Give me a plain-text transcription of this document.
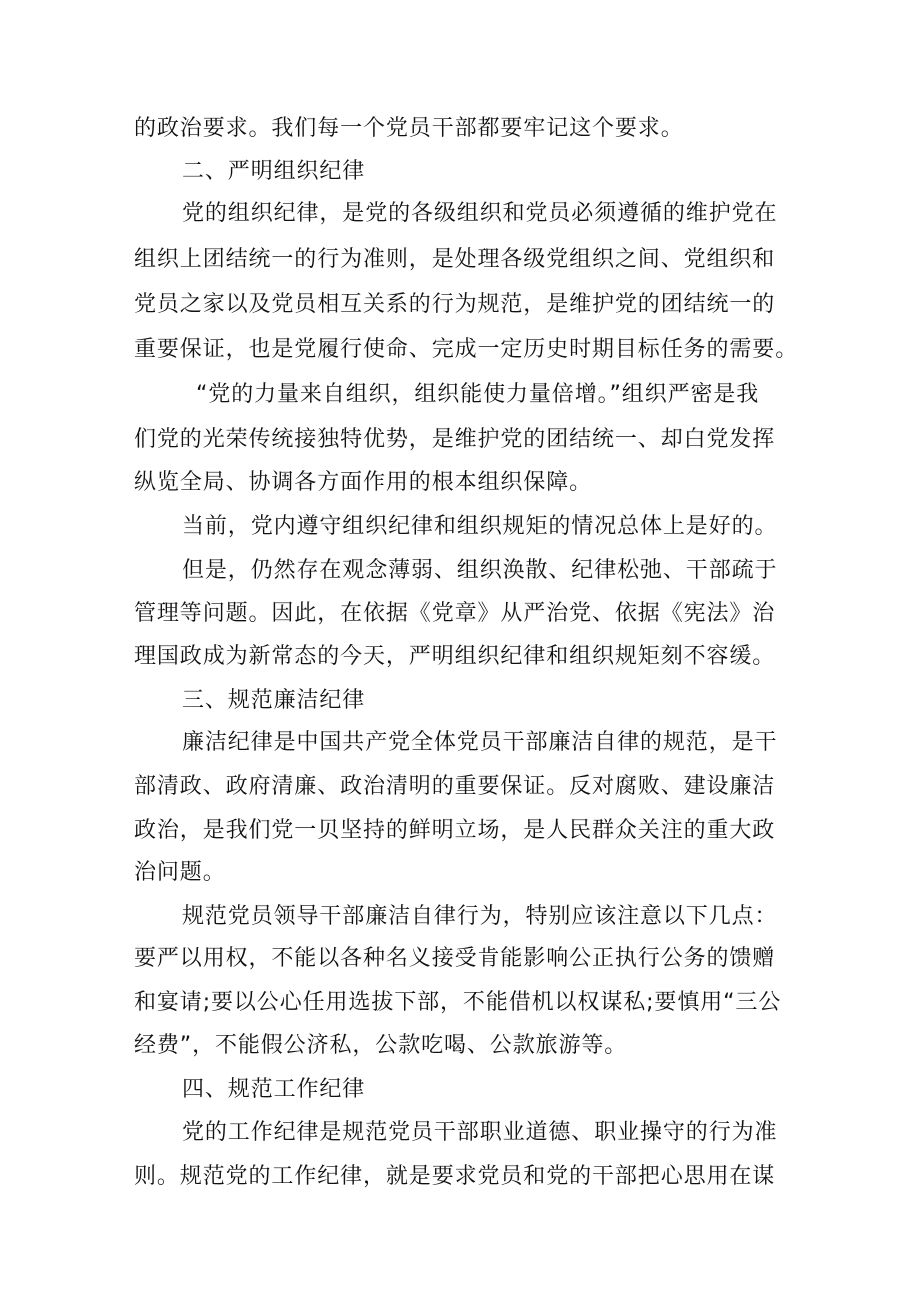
的政治要求。我们每一个党员干部都要牢记这个要求。
二、严明组织纪律
党的组织纪律，是党的各级组织和党员必须遵循的维护党在
组织上团结统一的行为准则，是处理各级党组织之间、党组织和
党员之家以及党员相互关系的行为规范，是维护党的团结统一的
重要保证，也是党履行使命、完成一定历史时期目标任务的需要。
“党的力量来自组织，组织能使力量倍增。”组织严密是我
们党的光荣传统接独特优势，是维护党的团结统一、却白党发挥
纵览全局、协调各方面作用的根本组织保障。
当前，党内遵守组织纪律和组织规矩的情况总体上是好的。
但是，仍然存在观念薄弱、组织涣散、纪律松弛、干部疏于
管理等问题。因此，在依据《党章》从严治党、依据《宪法》治
理国政成为新常态的今天，严明组织纪律和组织规矩刻不容缓。
三、规范廉洁纪律
廉洁纪律是中国共产党全体党员干部廉洁自律的规范，是干
部清政、政府清廉、政治清明的重要保证。反对腐败、建设廉洁
政治，是我们党一贝坚持的鲜明立场，是人民群众关注的重大政
治问题。
规范党员领导干部廉洁自律行为，特别应该注意以下几点：
要严以用权，不能以各种名义接受肯能影响公正执行公务的馈赠
和宴请;要以公心任用选拔下部，不能借机以权谋私;要慎用“三公
经费”，不能假公济私，公款吃喝、公款旅游等。
四、规范工作纪律
党的工作纪律是规范党员干部职业道德、职业操守的行为准
则。规范党的工作纪律，就是要求党员和党的干部把心思用在谋
